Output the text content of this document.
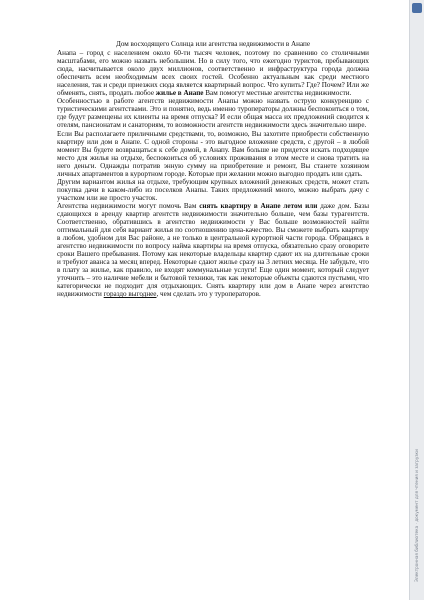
Дом восходящего Солнца или агентства недвижимости в Анапе

Анапа – город с населением около 60-ти тысяч человек, поэтому по сравнению со столичными масштабами, его можно назвать небольшим. Но в силу того, что ежегодно туристов, пребывающих сюда, насчитывается около двух миллионов, соответственно и инфраструктура города должна обеспечить всем необходимым всех своих гостей. Особенно актуальным как среди местного населения, так и среди приезжих сюда является квартирный вопрос. Что купить? Где? Почем? Или же обменять, снять, продать любое жилье в Анапе Вам помогут местные агентства недвижимости.

Особенностью в работе агентств недвижимости Анапы можно назвать острую конкуренцию с туристическими агентствами. Это и понятно, ведь именно туроператоры должны беспокоиться о том, где будут размещены их клиенты на время отпуска? И если общая масса их предложений сводится к отелям, пансионатам и санаториям, то возможности агентств недвижимости здесь значительно шире.

Если Вы располагаете приличными средствами, то, возможно, Вы захотите приобрести собственную квартиру или дом в Анапе. С одной стороны - это выгодное вложение средств, с другой – в любой момент Вы будете возвращаться к себе домой, в Анапу. Вам больше не придется искать подходящее место для жилья на отдыхе, беспокоиться об условиях проживания в этом месте и снова тратить на него деньги. Однажды потратив энную сумму на приобретение и ремонт, Вы станете хозяином личных апартаментов в курортном городе. Которые при желании можно выгодно продать или сдать.

Другим вариантом жилья на отдыхе, требующим крупных вложений денежных средств, может стать покупка дачи в каком-либо из поселков Анапы. Таких предложений много, можно выбрать дачу с участком или же просто участок.

Агентства недвижимости могут помочь Вам снять квартиру в Анапе летом или даже дом. Базы сдающихся в аренду квартир агентств недвижимости значительно больше, чем базы турагентств. Соответственно, обратившись в агентство недвижимости у Вас больше возможностей найти оптимальный для себя вариант жилья по соотношению цена-качество. Вы сможете выбрать квартиру в любом, удобном для Вас районе, а не только в центральной курортной части города. Обращаясь в агентство недвижимости по вопросу найма квартиры на время отпуска, обязательно сразу оговорите сроки Вашего пребывания. Потому как некоторые владельцы квартир сдают их на длительные сроки и требуют аванса за месяц вперед. Некоторые сдают жилье сразу на 3 летних месяца. Не забудьте, что в плату за жилье, как правило, не входят коммунальные услуги! Еще один момент, который следует уточнить – это наличие мебели и бытовой техники, так как некоторые объекты сдаются пустыми, что категорически не подходит для отдыхающих. Снять квартиру или дом в Анапе через агентство недвижимости гораздо выгоднее, чем сделать это у туроператоров.

Электронная библиотека · документ для чтения и загрузки
